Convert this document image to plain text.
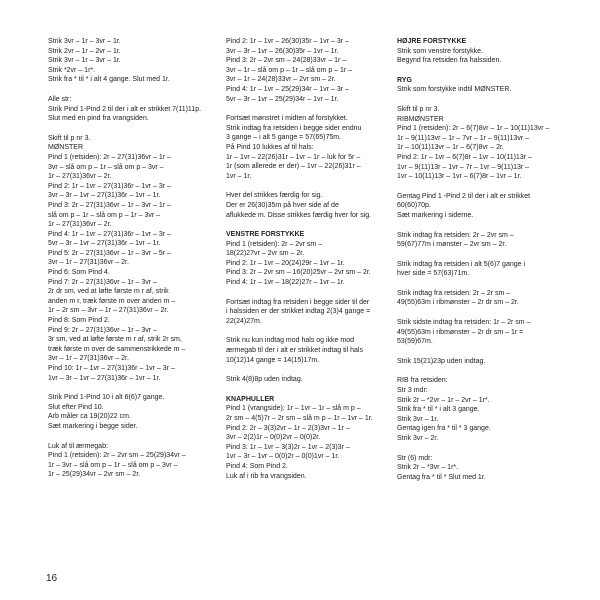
Strik 3vr – 1r – 3vr – 1r.
Strik 2vr – 1r – 2vr – 1r.
Strik 3vr – 1r – 3vr – 1r.
Strik *2vr – 1r*.
Strik fra * til * i alt 4 gange. Slut med 1r.
Alle str:
Strik Pind 1-Pind 2 til der i alt er strikket 7(11)11p.
Slut med en pind fra vrangsiden.
Skift til p nr 3.
MØNSTER
Pind 1 (retsiden): 2r – 27(31)36vr – 1r –
3vr – slå om p – 1r – slå om p – 3vr –
1r – 27(31)36vr – 2r.
Pind 2: 1r – 1vr – 27(31)36r – 1vr – 3r –
3vr – 3r – 1vr – 27(31)36r – 1vr – 1r.
Pind 3: 2r – 27(31)36vr – 1r – 3vr – 1r –
slå om p – 1r – slå om p – 1r – 3vr –
1r – 27(31)36vr – 2r.
Pind 4: 1r – 1vr – 27(31)36r – 1vr – 3r –
5vr – 3r – 1vr – 27(31)36r – 1vr – 1r.
Pind 5: 2r – 27(31)36vr – 1r – 3vr – 5r –
3vr – 1r – 27(31)36vr – 2r.
Pind 6: Som Pind 4.
Pind 7: 2r – 27(31)36vr – 1r – 3vr –
2r dr sm, ved at løfte første m r af, strik
anden m r, træk første m over anden m –
1r – 2r sm – 3vr – 1r – 27(31)36vr – 2r.
Pind 8: Som Pind 2.
Pind 9: 2r – 27(31)36vr – 1r – 3vr –
3r sm, ved at løfte første m r af, strik 2r sm,
træk første m over de sammenstrikkede m –
3vr – 1r – 27(31)36vr – 2r.
Pind 10: 1r – 1vr – 27(31)36r – 1vr – 3r –
1vr – 3r – 1vr – 27(31)36r – 1vr – 1r.
Strik Pind 1-Pind 10 i alt 6(6)7 gange.
Slut efter Pind 10.
Arb måler ca 19(20)22 cm.
Sæt markering i begge sider.
Luk af til ærmegab:
Pind 1 (retsiden): 2r – 2vr sm – 25(29)34vr –
1r – 3vr – slå om p – 1r – slå om p – 3vr –
1r – 25(29)34vr – 2vr sm – 2r.
Pind 2: 1r – 1vr – 26(30)35r – 1vr – 3r –
3vr – 3r – 1vr – 26(30)35r – 1vr – 1r.
Pind 3: 2r – 2vr sm – 24(28)33vr – 1r –
3vr – 1r – slå om p – 1r – slå om p – 1r –
3vr – 1r – 24(28)33vr – 2vr sm – 2r.
Pind 4: 1r – 1vr – 25(29)34r – 1vr – 3r –
5vr – 3r – 1vr – 25(29)34r – 1vr – 1r.
Fortsæt mønstret i midten af forstykket.
Strik indtag fra retsiden i begge sider endnu
3 gange – i alt 5 gange = 57(65)75m.
På Pind 10 lukkes af til hals:
1r – 1vr – 22(26)31r – 1vr – 1r – luk for 5r –
1r (som allerede er der) – 1vr – 22(26)31r –
1vr – 1r.
Hver del strikkes færdig for sig.
Der er 26(30)35m på hver side af de
aflukkede m. Disse strikkes færdig hver for sig.
VENSTRE FORSTYKKE
Pind 1 (retsiden): 2r – 2vr sm –
18(22)27vr – 2vr sm – 2r.
Pind 2: 1r – 1vr – 20(24)29r – 1vr – 1r.
Pind 3: 2r – 2vr sm – 16(20)25vr – 2vr sm – 2r.
Pind 4: 1r – 1vr – 18(22)27r – 1vr – 1r.
Fortsæt indtag fra retsiden i begge sider til der
i halssiden er der strikket indtag 2(3)4 gange =
22(24)27m.
Strik nu kun indtag mod hals og ikke mod
ærmegab til der i alt er strikket indtag til hals
10(12)14 gange = 14(15)17m.
Strik 4(8)8p uden indtag.
KNAPHULLER
Pind 1 (vrangside): 1r – 1vr – 1r – slå m p –
2r sm – 4(5)7r – 2r sm – slå m p – 1r – 1vr – 1r.
Pind 2: 2r – 3(3)2vr – 1r – 2(3)3vr – 1r –
3vr – 2(2)1r – 0(0)2vr – 0(0)2r.
Pind 3: 1r – 1vr – 3(3)2r – 1vr – 2(3)3r –
1vr – 3r – 1vr – 0(0)2r – 0(0)1vr – 1r.
Pind 4: Som Pind 2.
Luk af i rib fra vrangsiden.
HØJRE FORSTYKKE
Strik som venstre forstykke.
Begynd fra retsiden fra halssiden.
RYG
Strik som forstykke indtil MØNSTER.
Skift til p nr 3.
RIBMØNSTER
Pind 1 (retsiden): 2r – 6(7)8vr – 1r – 10(11)13vr –
1r – 9(11)13vr – 1r – 7vr – 1r – 9(11)13vr –
1r – 10(11)13vr – 1r – 6(7)8vr – 2r.
Pind 2: 1r – 1vr – 6(7)8r – 1vr – 10(11)13r –
1vr – 9(11)13r – 1vr – 7r – 1vr – 9(11)13r –
1vr – 10(11)13r – 1vr – 6(7)8r – 1vr – 1r.
Gentag Pind 1 -Pind 2 til der i alt er strikket
60(60)70p.
Sæt markering i siderne.
Strik indtag fra retsiden: 2r – 2vr sm –
59(67)77m i mønster – 2vr sm – 2r.
Strik indtag fra retsiden i alt 5(6)7 gange i
hver side = 57(63)71m.
Strik indtag fra retsiden: 2r – 2r sm –
49(55)63m i ribmønster – 2r dr sm – 2r.
Strik sidste indtag fra retsiden: 1r – 2r sm –
49(55)63m i ribmønster – 2r dr sm – 1r =
53(59)67m.
Strik 15(21)23p uden indtag.
RIB fra retsiden:
Str 3 mdr:
Strik 2r – *2vr – 1r – 2vr – 1r*.
Strik fra * til * i alt 3 gange.
Strik 3vr – 1r.
Gentag igen fra * til * 3 gange.
Strik 3vr – 2r.
Str (6) mdr:
Strik 2r – *3vr – 1r*.
Gentag fra * til * Slut med 1r.
16
